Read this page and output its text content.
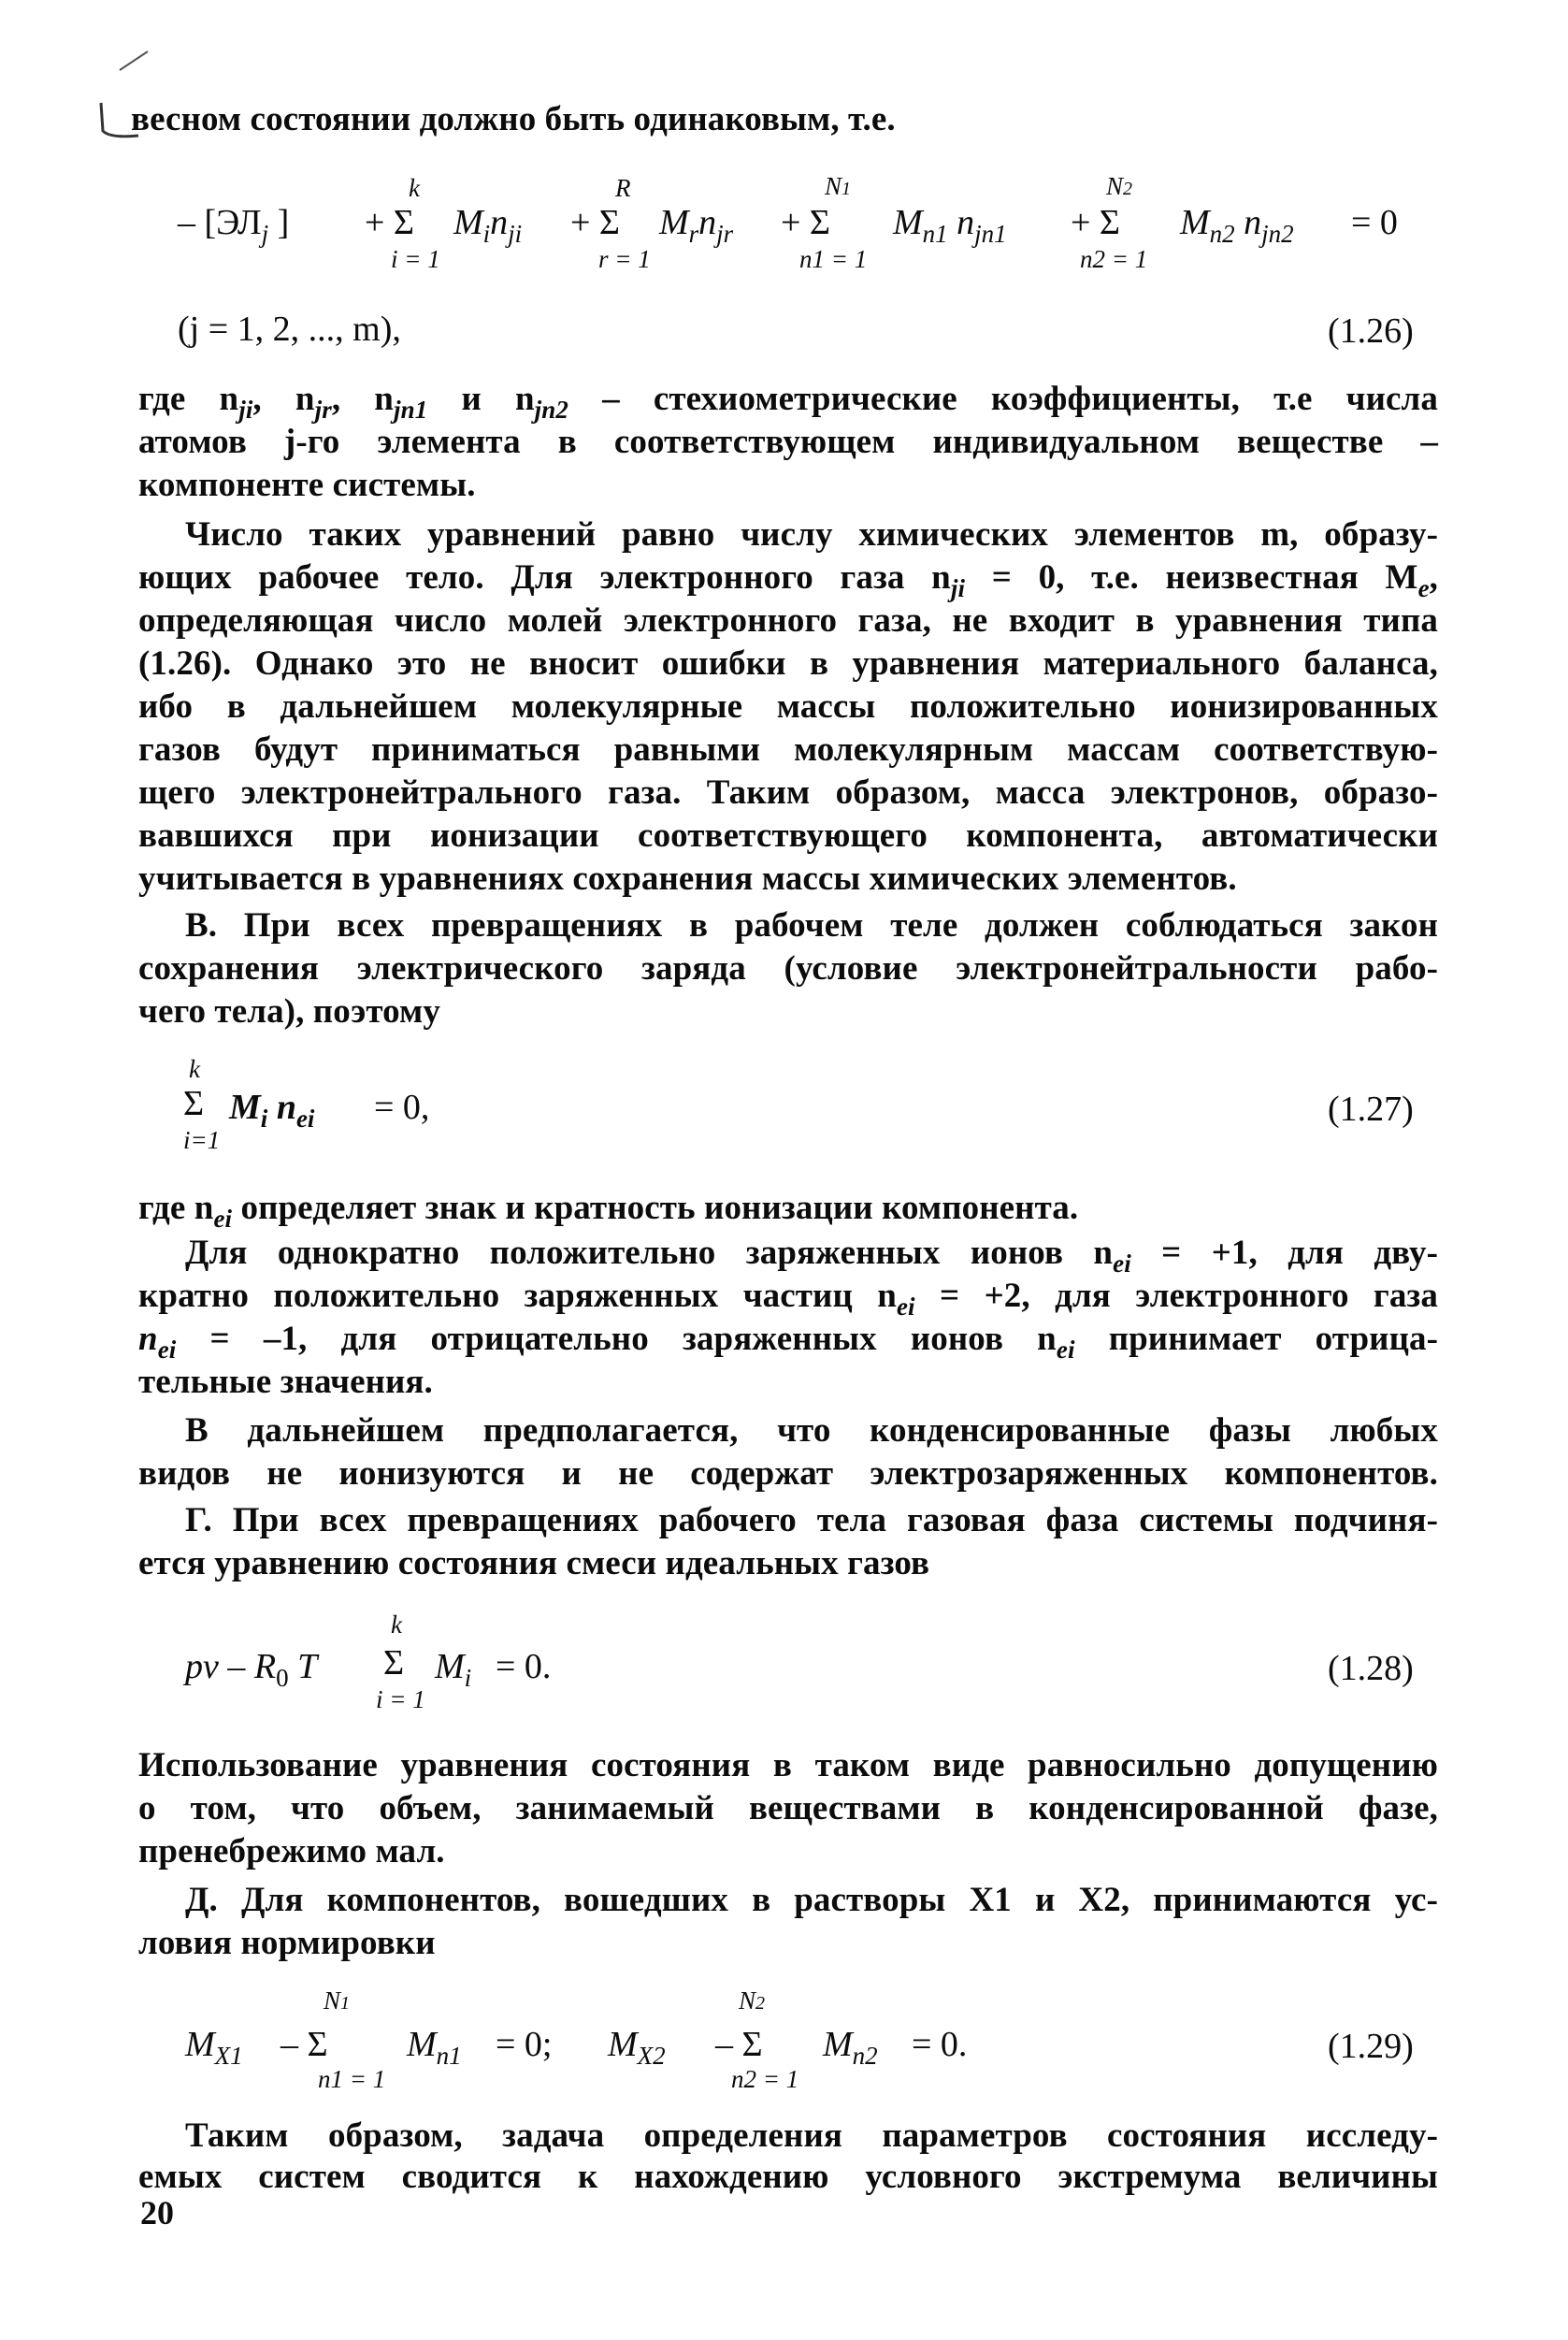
весном состоянии должно быть одинаковым, т.е.
– [$ЭЛ_j$ ] + Σ
k
i = 1
$M_in_{ji} + \Sigma$
R
r = 1
$M_rn_{jr} + \Sigma$
N1
n1 = 1
$M_{n1}$ $n_{jn1} + \Sigma$
N2
n2 = 1
$M_{n2}$ $n_{jn2} = 0$
(j = 1, 2, ..., m),	(1.26)
где $n_{ji}$, $n_{jr}$, $n_{jn1}$ и $n_{jn2}$ – стехиометрические коэффициенты, т.е числа
атомов j-го элемента в соответствующем индивидуальном веществе –
компоненте системы.
Число таких уравнений равно числу химических элементов m, образу-
ющих рабочее тело. Для электронного газа $n_{ji} = 0$, т.е. неизвестная $M_e$,
определяющая число молей электронного газа, не входит в уравнения типа
(1.26). Однако это не вносит ошибки в уравнения материального баланса,
ибо в дальнейшем молекулярные массы положительно ионизированных
газов будут приниматься равными молекулярным массам соответствую-
щего электронейтрального газа. Таким образом, масса электронов, образо-
вавшихся при ионизации соответствующего компонента, автоматически
учитывается в уравнениях сохранения массы химических элементов.
В. При всех превращениях в рабочем теле должен соблюдаться закон
сохранения электрического заряда (условие электронейтральности рабо-
чего тела), поэтому
k
Σ
i=1
$M_i$ $n_{ei} = 0$,	(1.27)
где $n_{ei}$ определяет знак и кратность ионизации компонента.
Для однократно положительно заряженных ионов $n_{ei} = +1$, для дву-
кратно положительно заряженных частиц $n_{ei} = +2$, для электронного газа
$n_{ei} = -1$, для отрицательно заряженных ионов $n_{ei}$ принимает отрица-
тельные значения.
В дальнейшем предполагается, что конденсированные фазы любых
видов не ионизуются и не содержат электрозаряженных компонентов.
Г. При всех превращениях рабочего тела газовая фаза системы подчиня-
ется уравнению состояния смеси идеальных газов
pv – $R_0$ T
k
Σ
i = 1
$M_i = 0$.	(1.28)
Использование уравнения состояния в таком виде равносильно допущению
о том, что объем, занимаемый веществами в конденсированной фазе,
пренебрежимо мал.
Д. Для компонентов, вошедших в растворы X1 и X2, принимаются ус-
ловия нормировки
$M_{X1}$ – Σ
N1
n1 = 1
$M_{n1} = 0$; $M_{X2}$ – Σ
N2
n2 = 1
$M_{n2} = 0$.	(1.29)
Таким образом, задача определения параметров состояния исследу-
емых систем сводится к нахождению условного экстремума величины
20
